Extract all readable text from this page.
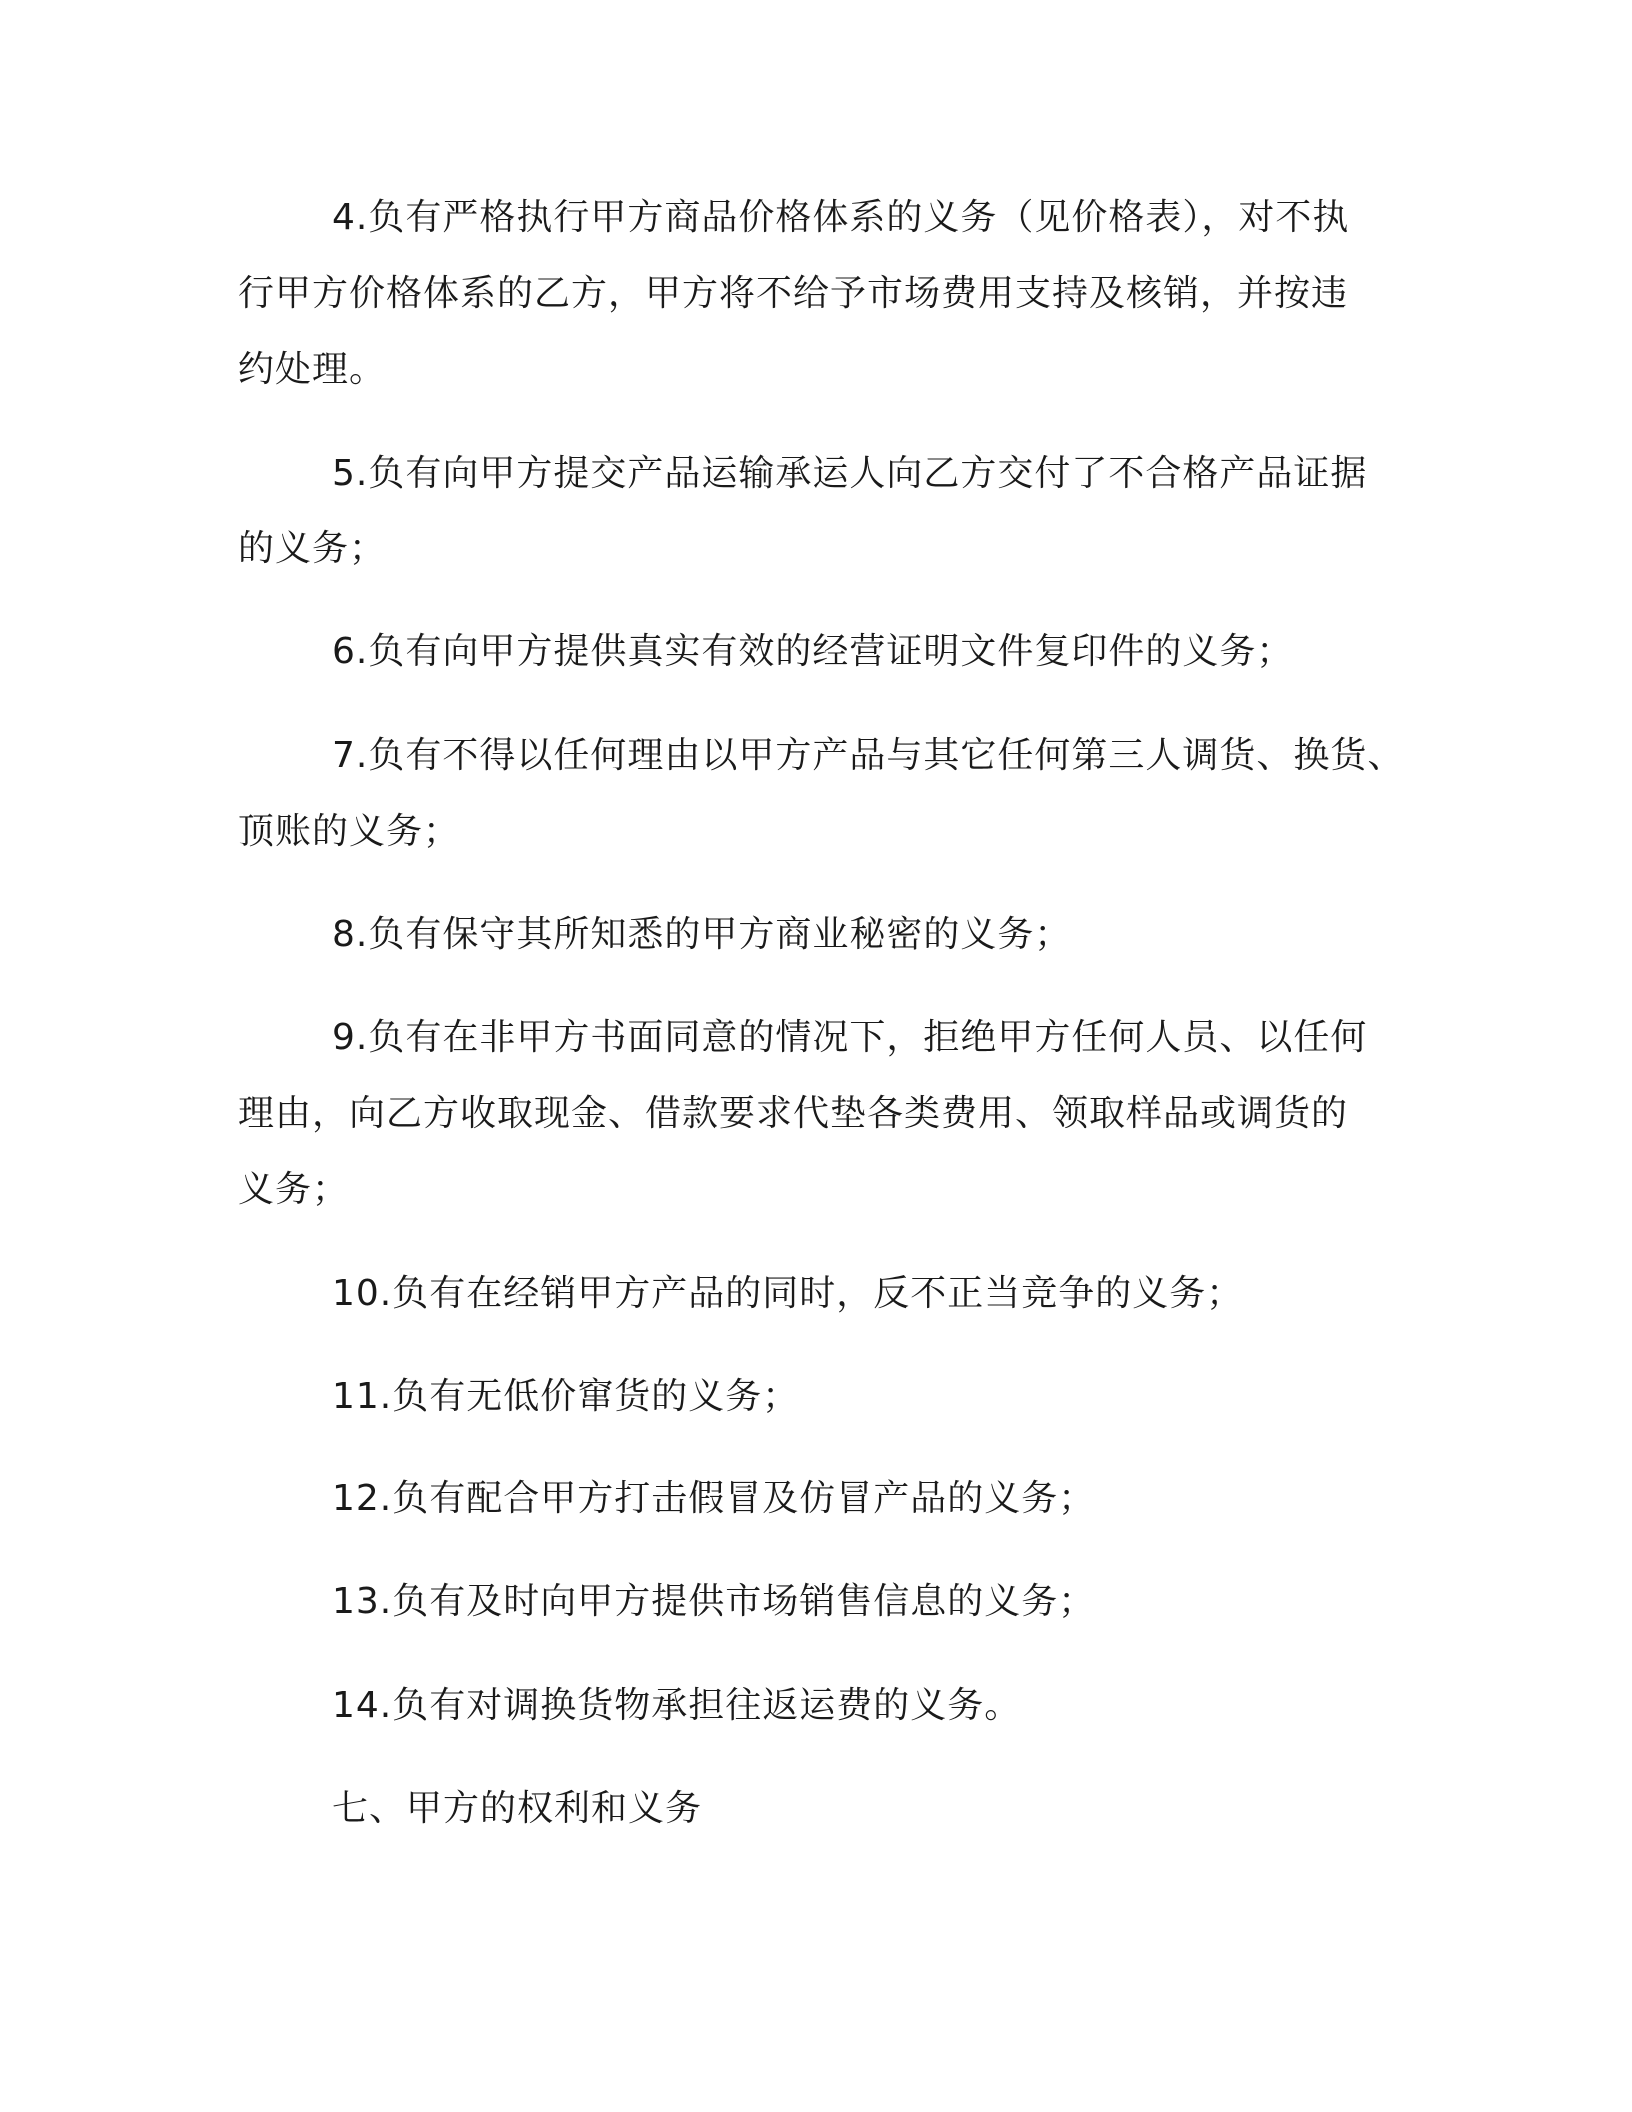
4.负有严格执行甲方商品价格体系的义务（见价格表），对不执
行甲方价格体系的乙方，甲方将不给予市场费用支持及核销，并按违
约处理。
5.负有向甲方提交产品运输承运人向乙方交付了不合格产品证据
的义务；
6.负有向甲方提供真实有效的经营证明文件复印件的义务；
7.负有不得以任何理由以甲方产品与其它任何第三人调货、换货、
顶账的义务；
8.负有保守其所知悉的甲方商业秘密的义务；
9.负有在非甲方书面同意的情况下，拒绝甲方任何人员、以任何
理由，向乙方收取现金、借款要求代垫各类费用、领取样品或调货的
义务；
10.负有在经销甲方产品的同时，反不正当竞争的义务；
11.负有无低价窜货的义务；
12.负有配合甲方打击假冒及仿冒产品的义务；
13.负有及时向甲方提供市场销售信息的义务；
14.负有对调换货物承担往返运费的义务。
七、甲方的权利和义务
